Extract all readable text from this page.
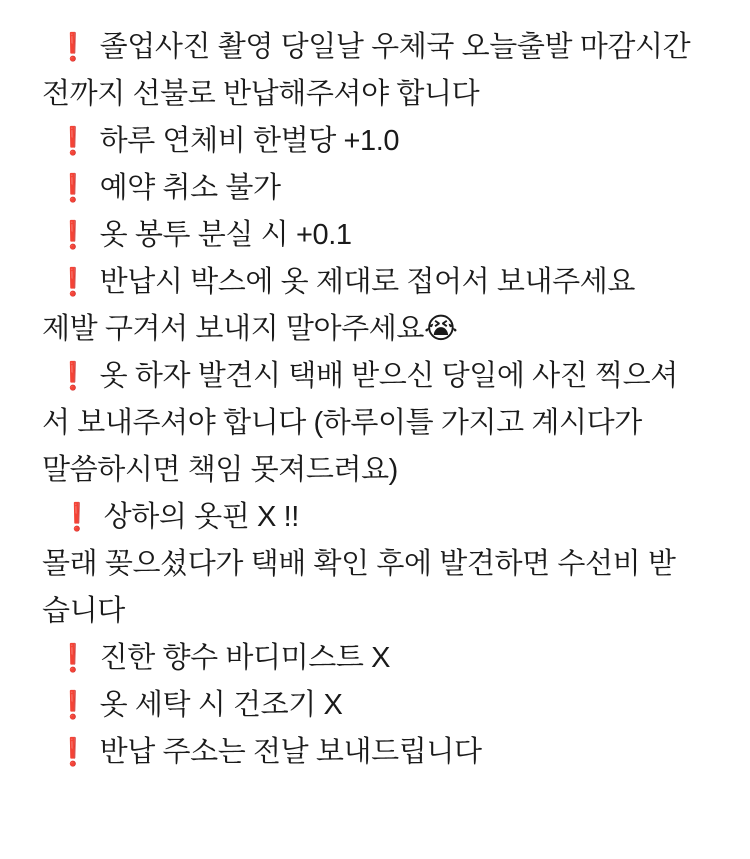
❗ 졸업사진 촬영 당일날 우체국 오늘출발 마감시간
전까지 선불로 반납해주셔야 합니다
❗ 하루 연체비 한벌당 +1.0
❗ 예약 취소 불가
❗ 옷 봉투 분실 시 +0.1
❗ 반납시 박스에 옷 제대로 접어서 보내주세요
제발 구겨서 보내지 말아주세요😭
❗ 옷 하자 발견시 택배 받으신 당일에 사진 찍으셔
서 보내주셔야 합니다 (하루이틀 가지고 계시다가
말씀하시면 책임 못져드려요)
❗ 상하의 옷핀 X !!
몰래 꽂으셨다가 택배 확인 후에 발견하면 수선비 받
습니다
❗ 진한 향수 바디미스트 X
❗ 옷 세탁 시 건조기 X
❗ 반납 주소는 전날 보내드립니다
